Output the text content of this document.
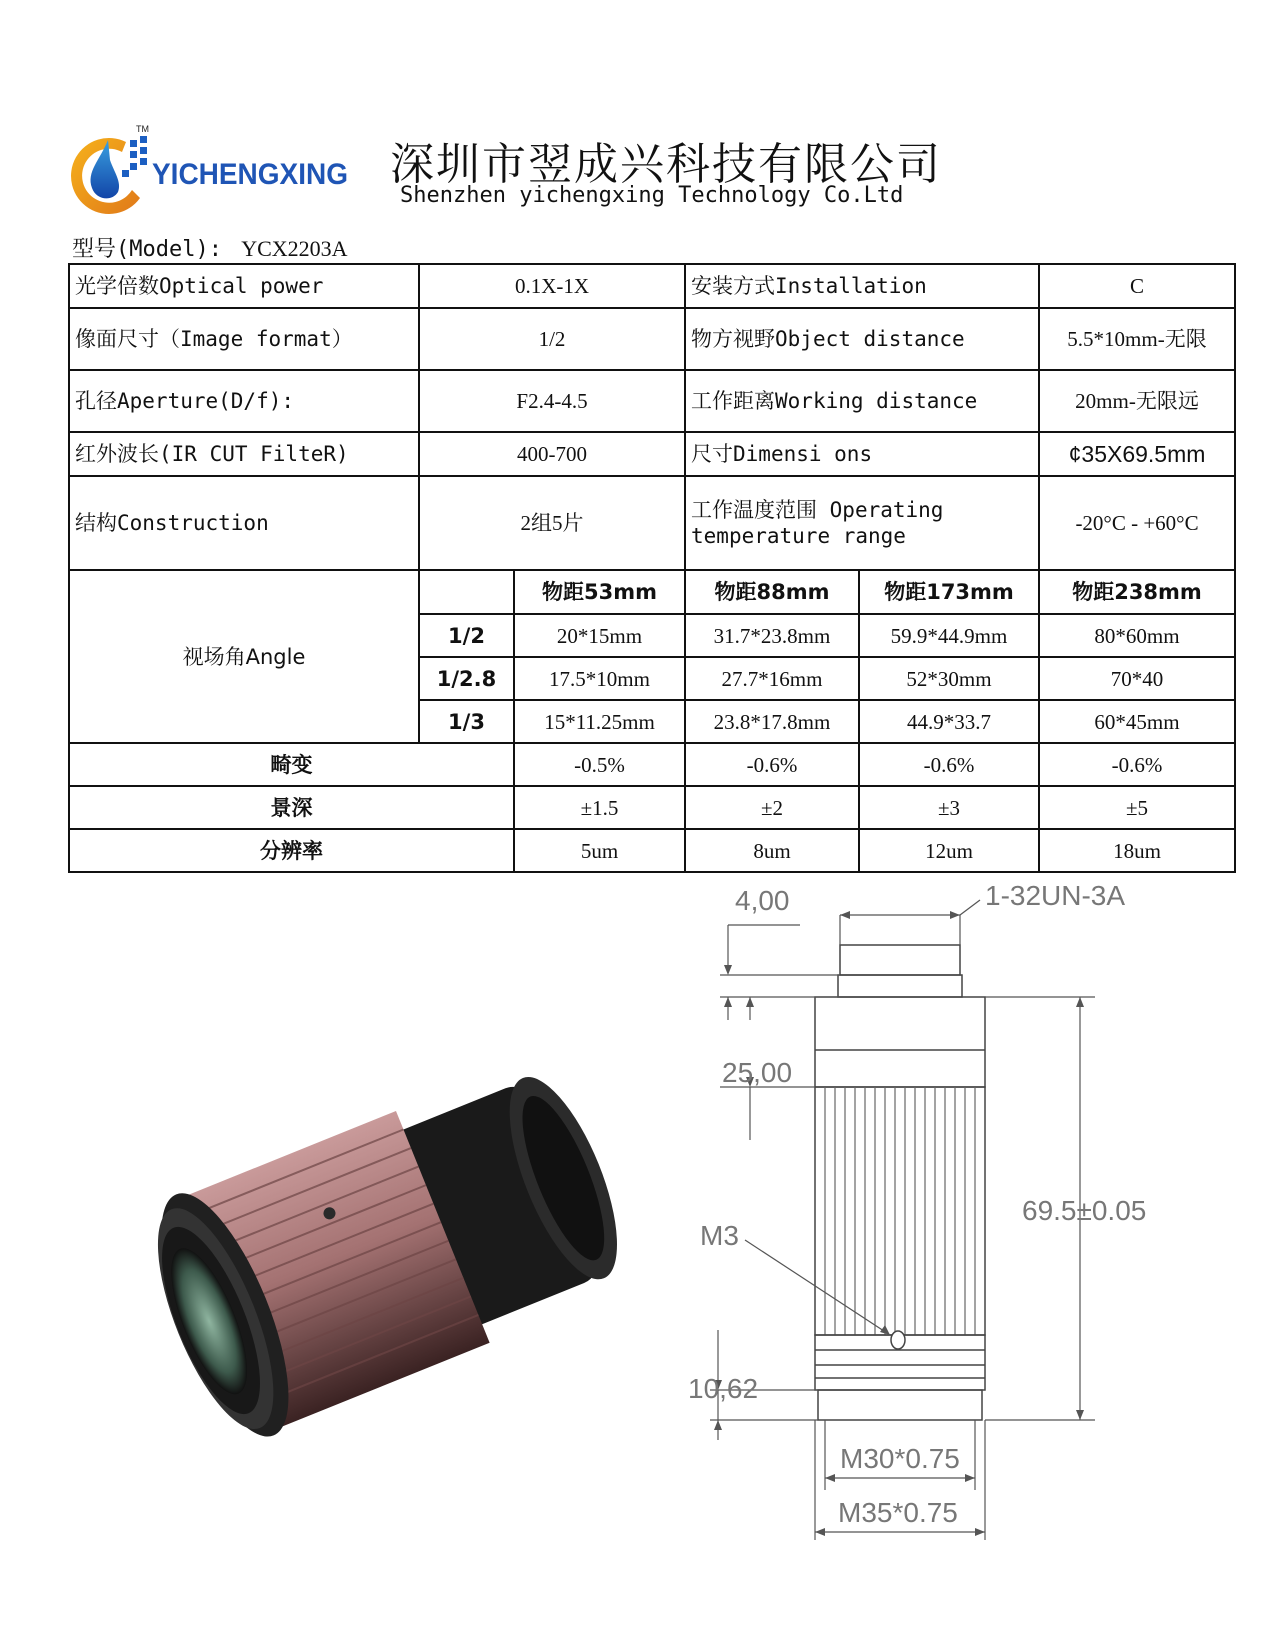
TM
YICHENGXING 深圳市翌成兴科技有限公司
Shenzhen yichengxing Technology Co.Ltd
型号(Model): YCX2203A
光学倍数Optical power	0.1X-1X		安装方式Installation		C
像面尺寸（Image format）	1/2		物方视野Object distance		5.5*10mm-无限
孔径Aperture(D/f):	F2.4-4.5		工作距离Working distance		20mm-无限远
红外波长(IR CUT FilteR)	400-700		尺寸Dimensi ons		¢35X69.5mm
结构Construction	2组5片		工作温度范围 Operating temperature range		-20°C - +60°C
视场角Angle		物距53mm	物距88mm	物距173mm	物距238mm
	1/2	20*15mm	31.7*23.8mm	59.9*44.9mm	80*60mm
	1/2.8	17.5*10mm	27.7*16mm	52*30mm	70*40
	1/3	15*11.25mm	23.8*17.8mm	44.9*33.7	60*45mm
畸变		-0.5%	-0.6%	-0.6%	-0.6%
景深		±1.5	±2	±3	±5
分辨率		5um	8um	12um	18um
4,00	1-32UN-3A
25,00
69.5±0.05
M3
10,62
M30*0.75
M35*0.75
